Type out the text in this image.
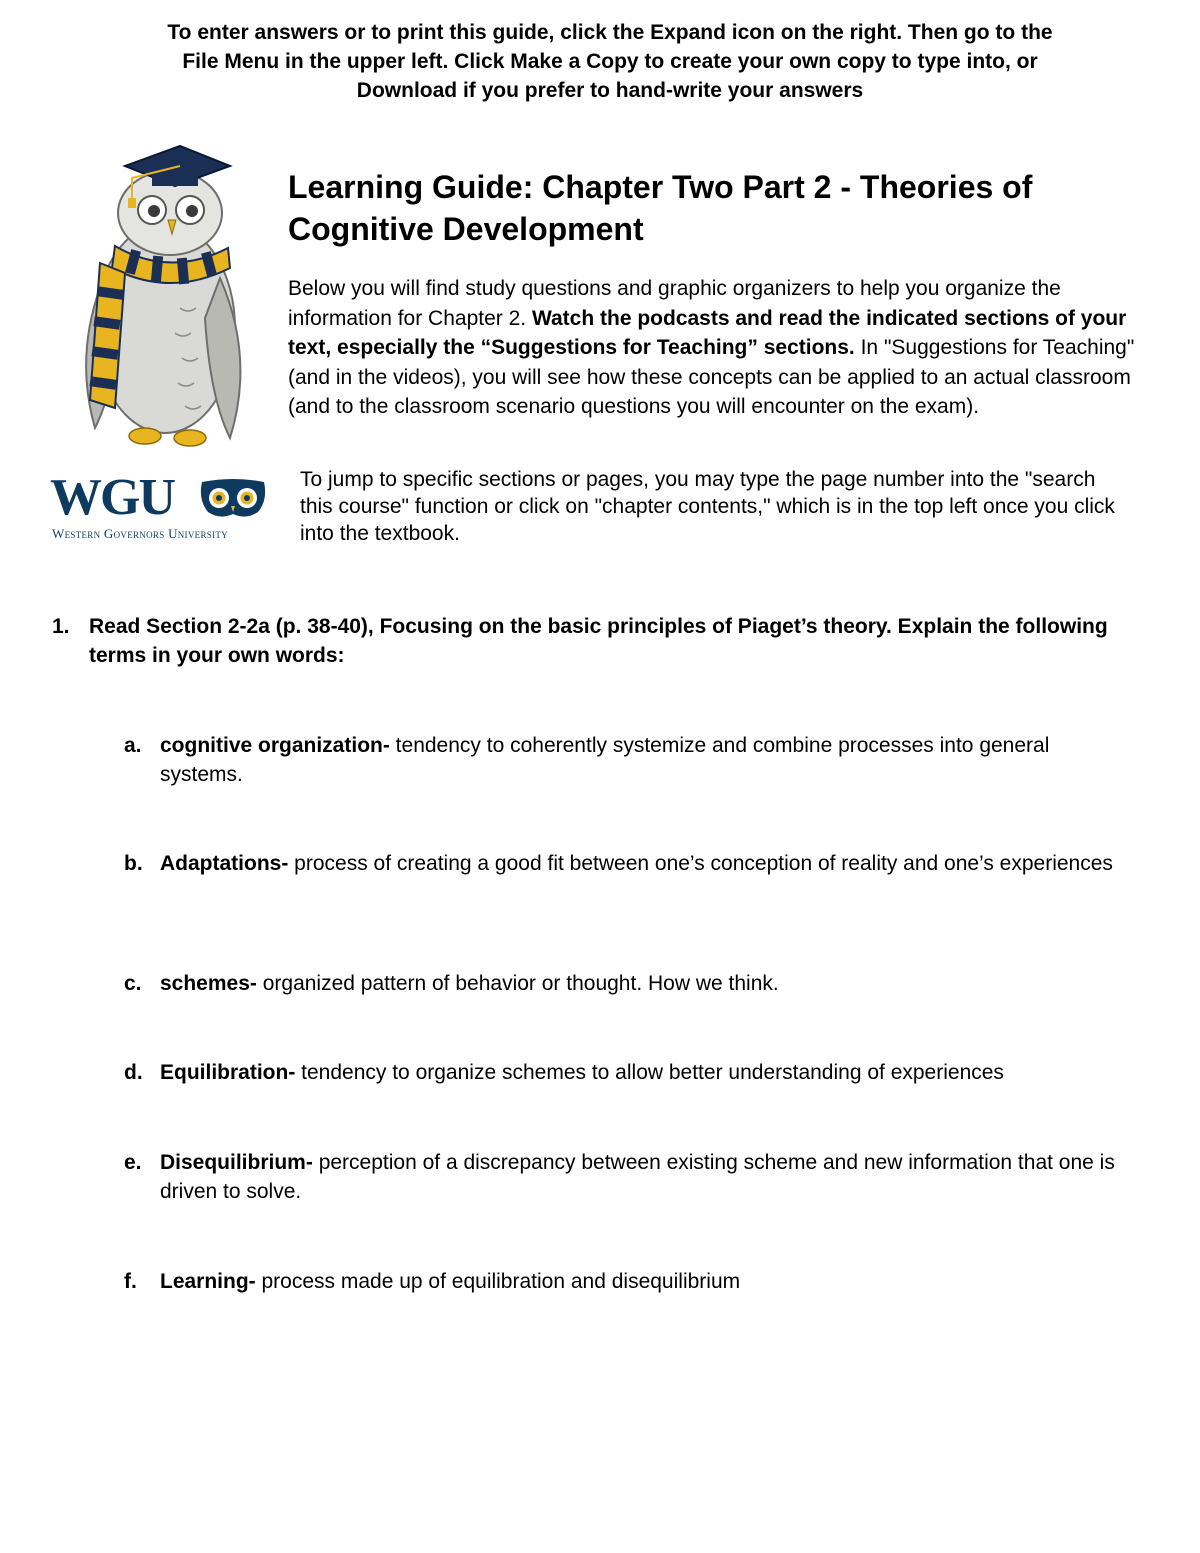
To enter answers or to print this guide, click the Expand icon on the right. Then go to the
File Menu in the upper left. Click Make a Copy to create your own copy to type into, or
Download if you prefer to hand-write your answers
WGU
Western Governors University
Learning Guide: Chapter Two Part 2 - Theories of
Cognitive Development

Below you will find study questions and graphic organizers to help you organize the information for Chapter 2. Watch the podcasts and read the indicated sections of your text, especially the “Suggestions for Teaching” sections. In "Suggestions for Teaching" (and in the videos), you will see how these concepts can be applied to an actual classroom (and to the classroom scenario questions you will encounter on the exam).

To jump to specific sections or pages, you may type the page number into the "search this course" function or click on "chapter contents," which is in the top left once you click into the textbook.

1. Read Section 2-2a (p. 38-40), Focusing on the basic principles of Piaget’s theory. Explain the following terms in your own words:
a. cognitive organization- tendency to coherently systemize and combine processes into general systems.
b. Adaptations- process of creating a good fit between one’s conception of reality and one’s experiences
c. schemes- organized pattern of behavior or thought. How we think.
d. Equilibration- tendency to organize schemes to allow better understanding of experiences
e. Disequilibrium- perception of a discrepancy between existing scheme and new information that one is driven to solve.
f. Learning- process made up of equilibration and disequilibrium
